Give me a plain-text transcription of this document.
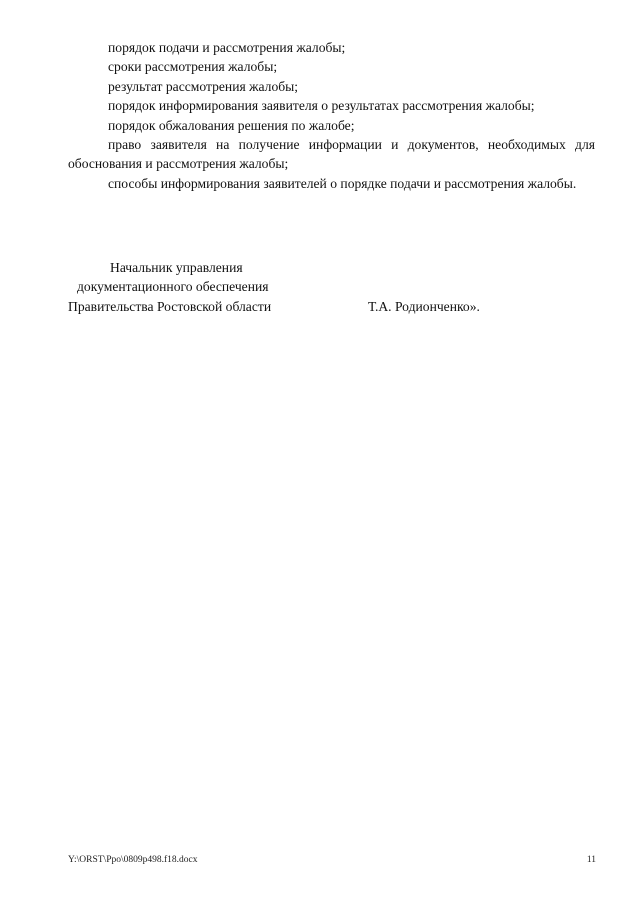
порядок подачи и рассмотрения жалобы;

сроки рассмотрения жалобы;

результат рассмотрения жалобы;

порядок информирования заявителя о результатах рассмотрения жалобы;

порядок обжалования решения по жалобе;

право заявителя на получение информации и документов, необходимых для обоснования и рассмотрения жалобы;

способы информирования заявителей о порядке подачи и рассмотрения жалобы.

Начальник управления

документационного обеспечения

Правительства Ростовской области	Т.А. Родионченко».

Y:\ORST\Ppo\0809p498.f18.docx	11
